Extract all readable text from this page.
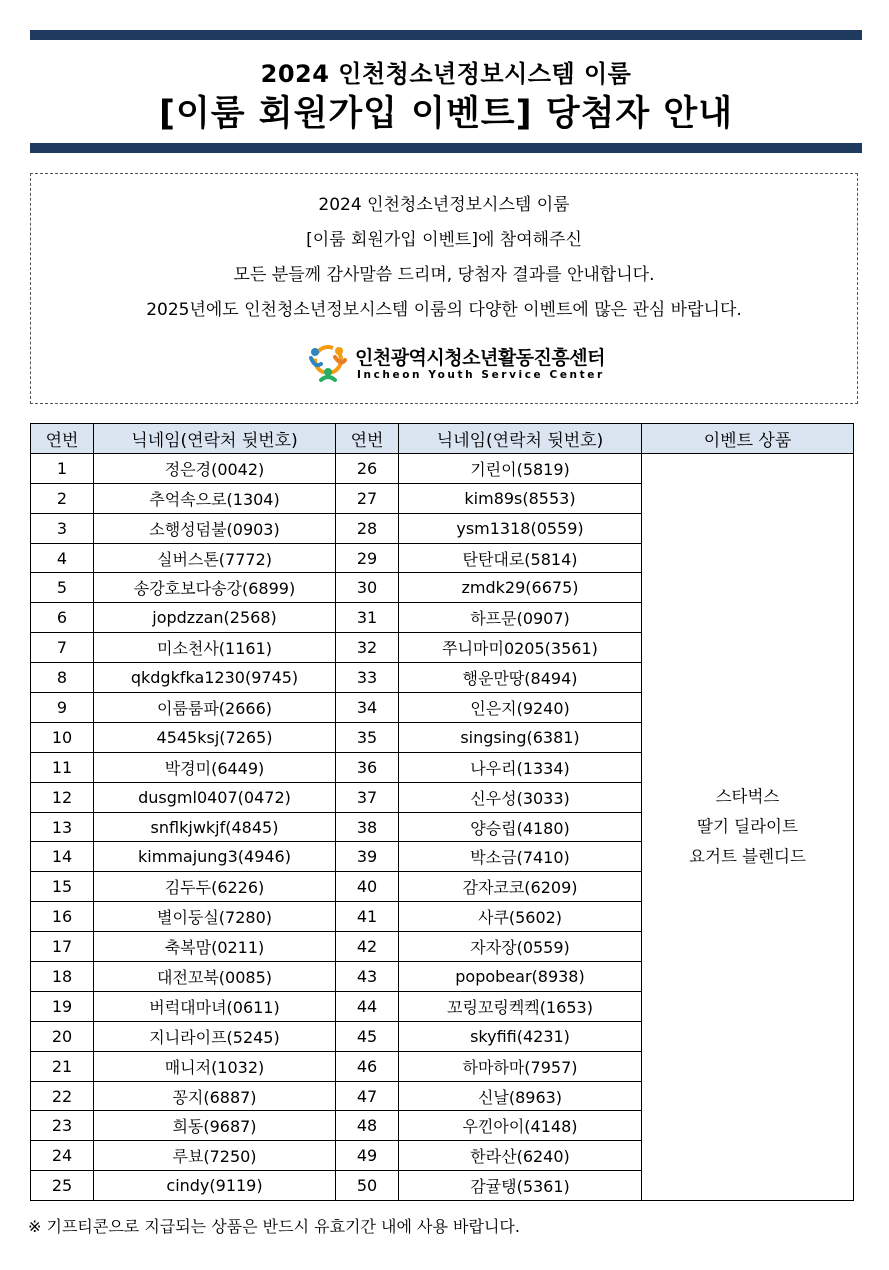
2024 인천청소년정보시스템 이룸
[이룸 회원가입 이벤트] 당첨자 안내
2024 인천청소년정보시스템 이룸
[이룸 회원가입 이벤트]에 참여해주신
모든 분들께 감사말씀 드리며, 당첨자 결과를 안내합니다.
2025년에도 인천청소년정보시스템 이룸의 다양한 이벤트에 많은 관심 바랍니다.
인천광역시청소년활동진흥센터
Incheon Youth Service Center
연번	닉네임(연락처 뒷번호)	연번	닉네임(연락처 뒷번호)	이벤트 상품
1	정은경(0042)	26	기린이(5819)	스타벅스
딸기 딜라이트
요거트 블렌디드

2	추억속으로(1304)	27	kim89s(8553)	
3	소행성덤불(0903)	28	ysm1318(0559)	
4	실버스톤(7772)	29	탄탄대로(5814)	
5	송강호보다송강(6899)	30	zmdk29(6675)	
6	jopdzzan(2568)	31	하프문(0907)	
7	미소천사(1161)	32	쭈니마미0205(3561)	
8	qkdgkfka1230(9745)	33	행운만땅(8494)	
9	이룸룸파(2666)	34	인은지(9240)	
10	4545ksj(7265)	35	singsing(6381)	
11	박경미(6449)	36	나우리(1334)	
12	dusgml0407(0472)	37	신우성(3033)	
13	snflkjwkjf(4845)	38	양승립(4180)	
14	kimmajung3(4946)	39	박소금(7410)	
15	김두두(6226)	40	감자코코(6209)	
16	별이둥실(7280)	41	사쿠(5602)	
17	축복맘(0211)	42	자자장(0559)	
18	대전꼬북(0085)	43	popobear(8938)	
19	버럭대마녀(0611)	44	꼬링꼬링켁켁(1653)	
20	지니라이프(5245)	45	skyfifi(4231)	
21	매니저(1032)	46	하마하마(7957)	
22	꽁지(6887)	47	신날(8963)	
23	희동(9687)	48	우낀아이(4148)	
24	루뵤(7250)	49	한라산(6240)	
25	cindy(9119)	50	감귤탱(5361)	
※ 기프티콘으로 지급되는 상품은 반드시 유효기간 내에 사용 바랍니다.
